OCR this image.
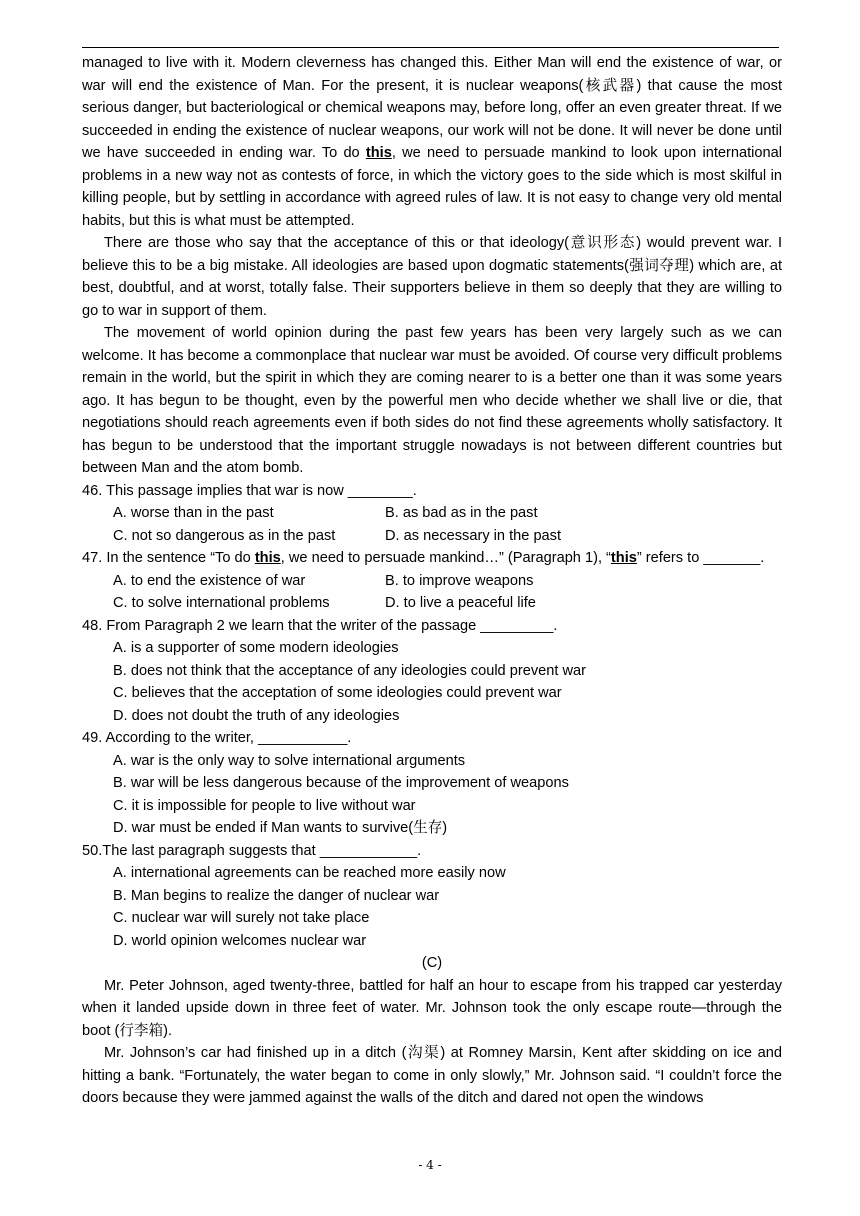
managed to live with it. Modern cleverness has changed this. Either Man will end the existence of war, or war will end the existence of Man. For the present, it is nuclear weapons(核武器) that cause the most serious danger, but bacteriological or chemical weapons may, before long, offer an even greater threat. If we succeeded in ending the existence of nuclear weapons, our work will not be done. It will never be done until we have succeeded in ending war. To do this, we need to persuade mankind to look upon international problems in a new way not as contests of force, in which the victory goes to the side which is most skilful in killing people, but by settling in accordance with agreed rules of law. It is not easy to change very old mental habits, but this is what must be attempted.

There are those who say that the acceptance of this or that ideology(意识形态) would prevent war. I believe this to be a big mistake. All ideologies are based upon dogmatic statements(强词夺理) which are, at best, doubtful, and at worst, totally false. Their supporters believe in them so deeply that they are willing to go to war in support of them.

The movement of world opinion during the past few years has been very largely such as we can welcome. It has become a commonplace that nuclear war must be avoided. Of course very difficult problems remain in the world, but the spirit in which they are coming nearer to is a better one than it was some years ago. It has begun to be thought, even by the powerful men who decide whether we shall live or die, that negotiations should reach agreements even if both sides do not find these agreements wholly satisfactory. It has begun to be understood that the important struggle nowadays is not between different countries but between Man and the atom bomb.

46. This passage implies that war is now ________.

A. worse than in the past	B. as bad as in the past
C. not so dangerous as in the past	D. as necessary in the past

47. In the sentence “To do this, we need to persuade mankind…” (Paragraph 1), “this” refers to _______.

A. to end the existence of war	B. to improve weapons
C. to solve international problems	D. to live a peaceful life

48. From Paragraph 2 we learn that the writer of the passage _________.

A. is a supporter of some modern ideologies

B. does not think that the acceptance of any ideologies could prevent war

C. believes that the acceptation of some ideologies could prevent war

D. does not doubt the truth of any ideologies

49. According to the writer, ___________.

A. war is the only way to solve international arguments

B. war will be less dangerous because of the improvement of weapons

C. it is impossible for people to live without war

D. war must be ended if Man wants to survive(生存)

50.The last paragraph suggests that ____________.

A. international agreements can be reached more easily now

B. Man begins to realize the danger of nuclear war

C. nuclear war will surely not take place

D. world opinion welcomes nuclear war

(C)

Mr. Peter Johnson, aged twenty-three, battled for half an hour to escape from his trapped car yesterday when it landed upside down in three feet of water. Mr. Johnson took the only escape route—through the boot (行李箱).

Mr. Johnson’s car had finished up in a ditch (沟渠) at Romney Marsin, Kent after skidding on ice and hitting a bank. “Fortunately, the water began to come in only slowly,” Mr. Johnson said. “I couldn’t force the doors because they were jammed against the walls of the ditch and dared not open the windows

- 4 -
